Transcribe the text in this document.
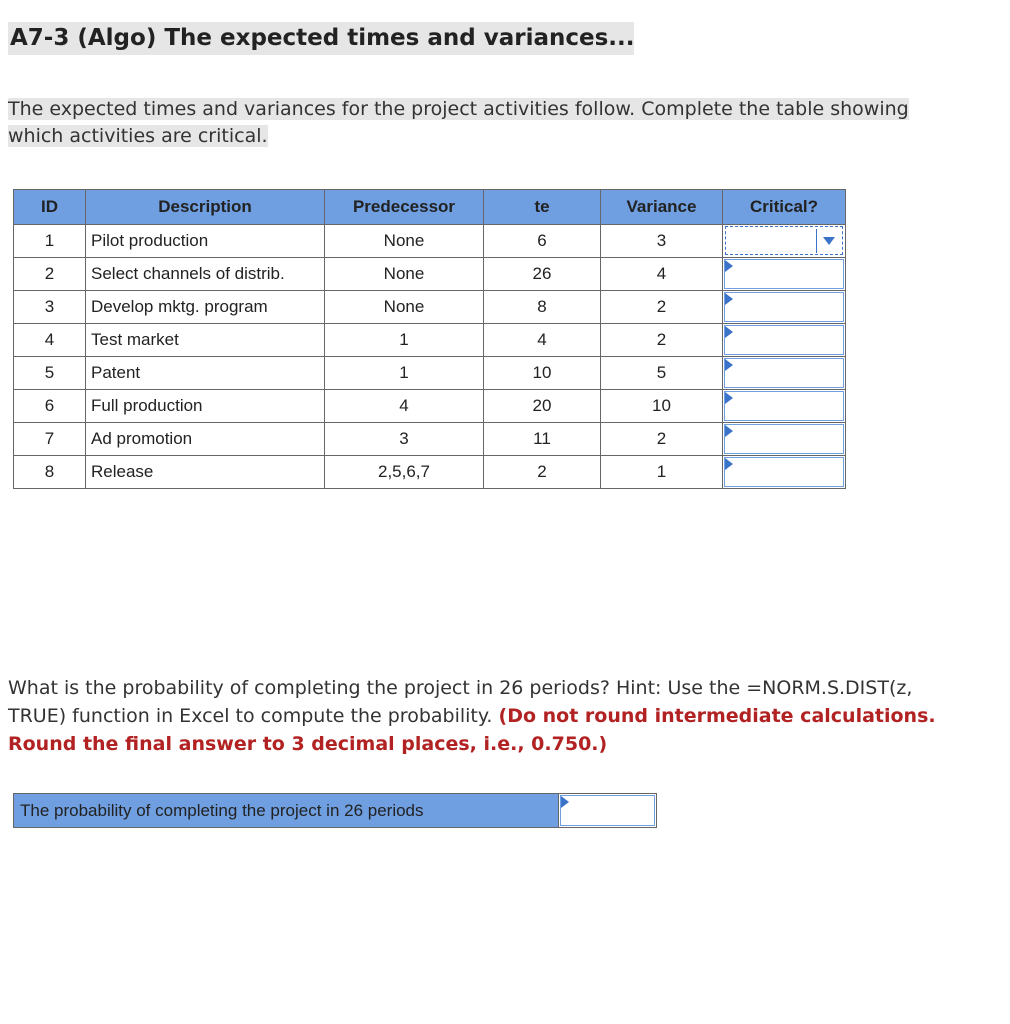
A7-3 (Algo) The expected times and variances...
The expected times and variances for the project activities follow. Complete the table showing
which activities are critical.
ID	Description	Predecessor	te	Variance	Critical?
1	Pilot production	None	6	3	

2	Select channels of distrib.	None	26	4	

3	Develop mktg. program	None	8	2	

4	Test market	1	4	2	

5	Patent	1	10	5	

6	Full production	4	20	10	

7	Ad promotion	3	11	2	

8	Release	2,5,6,7	2	1	
What is the probability of completing the project in 26 periods? Hint: Use the =NORM.S.DIST(z, TRUE) function in Excel to compute the probability. (Do not round intermediate calculations. Round the final answer to 3 decimal places, i.e., 0.750.)
The probability of completing the project in 26 periods
